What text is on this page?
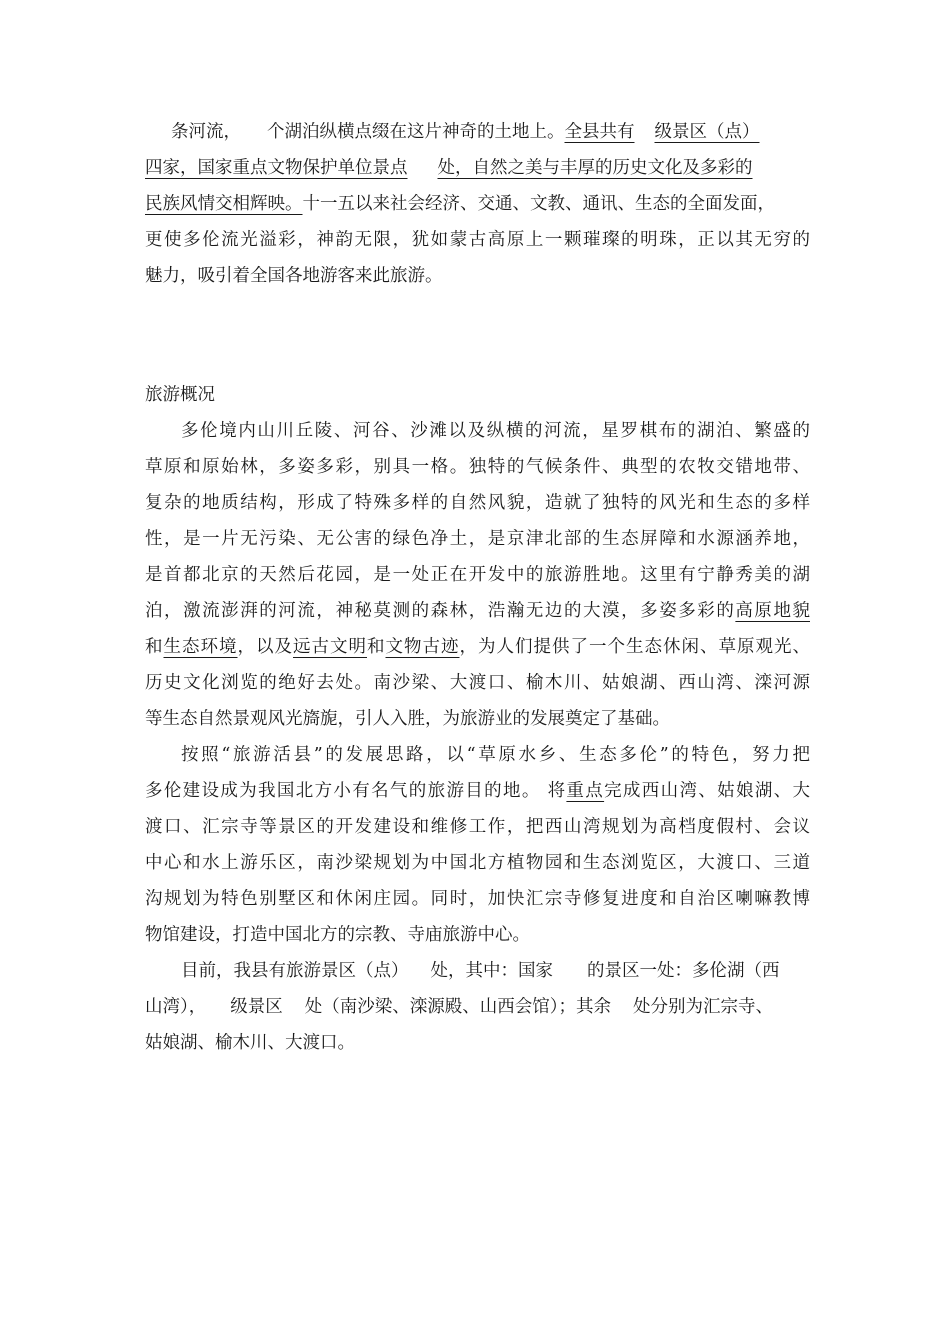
条河流， 个湖泊纵横点缀在这片神奇的土地上。全县共有 级景区（点）
四家，国家重点文物保护单位景点 处，自然之美与丰厚的历史文化及多彩的
民族风情交相辉映。十一五以来社会经济、交通、文教、通讯、生态的全面发面，
更使多伦流光溢彩，神韵无限，犹如蒙古高原上一颗璀璨的明珠，正以其无穷的
魅力，吸引着全国各地游客来此旅游。
旅游概况
多伦境内山川丘陵、河谷、沙滩以及纵横的河流，星罗棋布的湖泊、繁盛的
草原和原始林，多姿多彩，别具一格。独特的气候条件、典型的农牧交错地带、
复杂的地质结构，形成了特殊多样的自然风貌，造就了独特的风光和生态的多样
性，是一片无污染、无公害的绿色净土，是京津北部的生态屏障和水源涵养地，
是首都北京的天然后花园，是一处正在开发中的旅游胜地。这里有宁静秀美的湖
泊，激流澎湃的河流，神秘莫测的森林，浩瀚无边的大漠，多姿多彩的高原地貌
和生态环境，以及远古文明和文物古迹，为人们提供了一个生态休闲、草原观光、
历史文化浏览的绝好去处。南沙梁、大渡口、榆木川、姑娘湖、西山湾、滦河源
等生态自然景观风光旖旎，引人入胜，为旅游业的发展奠定了基础。
按照“旅游活县”的发展思路，以“草原水乡、生态多伦”的特色，努力把
多伦建设成为我国北方小有名气的旅游目的地。 将重点完成西山湾、姑娘湖、大
渡口、汇宗寺等景区的开发建设和维修工作，把西山湾规划为高档度假村、会议
中心和水上游乐区，南沙梁规划为中国北方植物园和生态浏览区，大渡口、三道
沟规划为特色别墅区和休闲庄园。同时，加快汇宗寺修复进度和自治区喇嘛教博
物馆建设，打造中国北方的宗教、寺庙旅游中心。
目前，我县有旅游景区（点） 处，其中：国家 的景区一处：多伦湖（西
山湾）， 级景区 处（南沙梁、滦源殿、山西会馆）；其余 处分别为汇宗寺、
姑娘湖、榆木川、大渡口。
